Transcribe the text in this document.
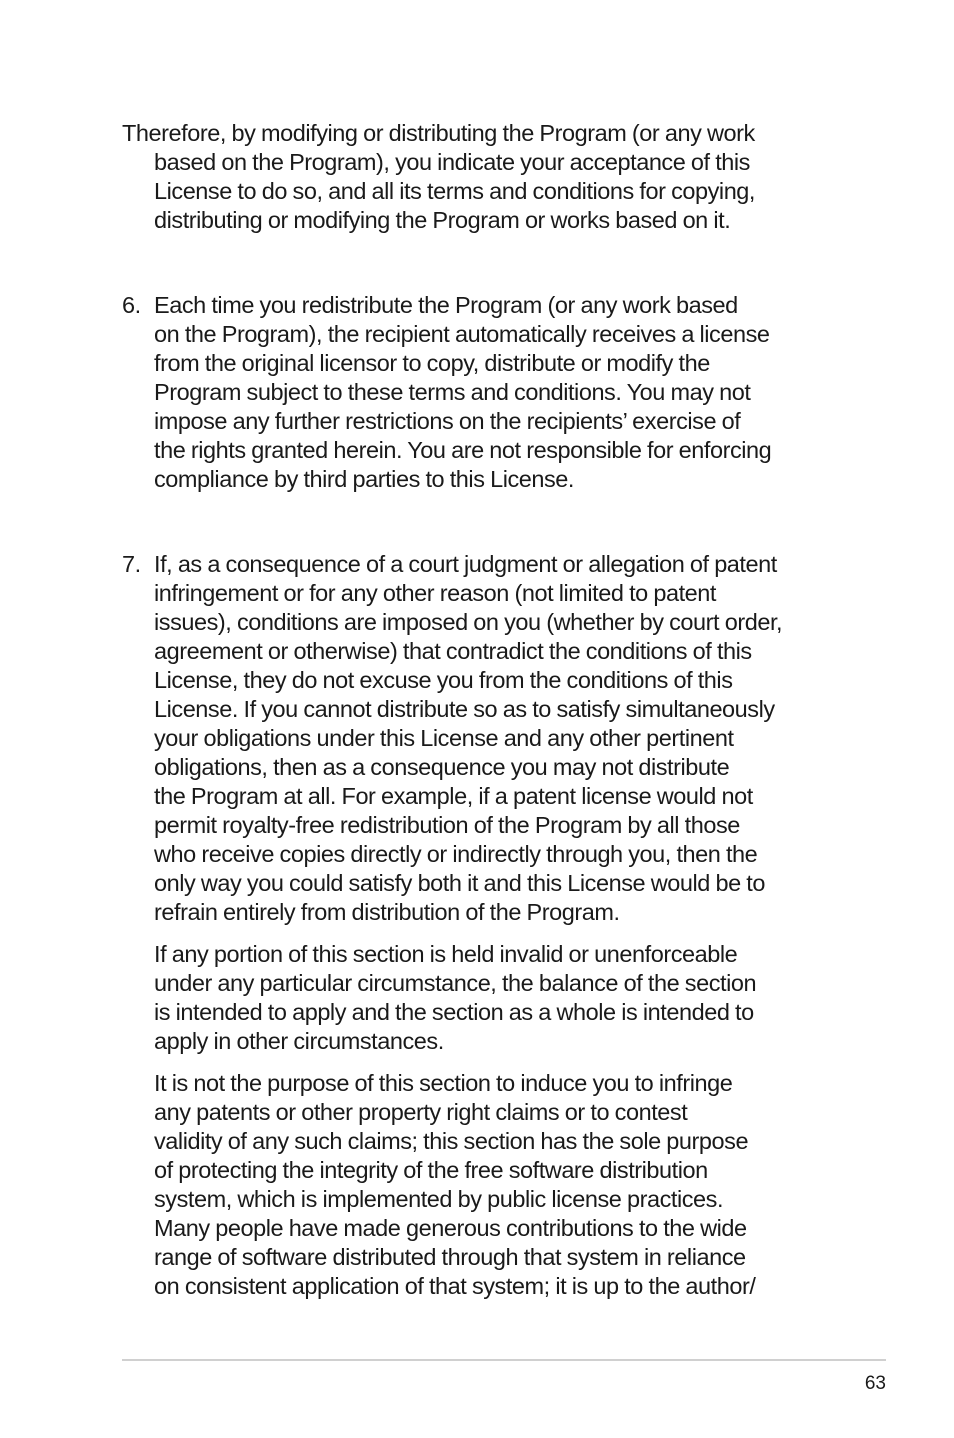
Therefore, by modifying or distributing the Program (or any work
based on the Program), you indicate your acceptance of this
License to do so, and all its terms and conditions for copying,
distributing or modifying the Program or works based on it.

6. Each time you redistribute the Program (or any work based
on the Program), the recipient automatically receives a license
from the original licensor to copy, distribute or modify the
Program subject to these terms and conditions. You may not
impose any further restrictions on the recipients’ exercise of
the rights granted herein. You are not responsible for enforcing
compliance by third parties to this License.
7. If, as a consequence of a court judgment or allegation of patent
infringement or for any other reason (not limited to patent
issues), conditions are imposed on you (whether by court order,
agreement or otherwise) that contradict the conditions of this
License, they do not excuse you from the conditions of this
License. If you cannot distribute so as to satisfy simultaneously
your obligations under this License and any other pertinent
obligations, then as a consequence you may not distribute
the Program at all. For example, if a patent license would not
permit royalty-free redistribution of the Program by all those
who receive copies directly or indirectly through you, then the
only way you could satisfy both it and this License would be to
refrain entirely from distribution of the Program.

If any portion of this section is held invalid or unenforceable
under any particular circumstance, the balance of the section
is intended to apply and the section as a whole is intended to
apply in other circumstances.

It is not the purpose of this section to induce you to infringe
any patents or other property right claims or to contest
validity of any such claims; this section has the sole purpose
of protecting the integrity of the free software distribution
system, which is implemented by public license practices.
Many people have made generous contributions to the wide
range of software distributed through that system in reliance
on consistent application of that system; it is up to the author/

63
